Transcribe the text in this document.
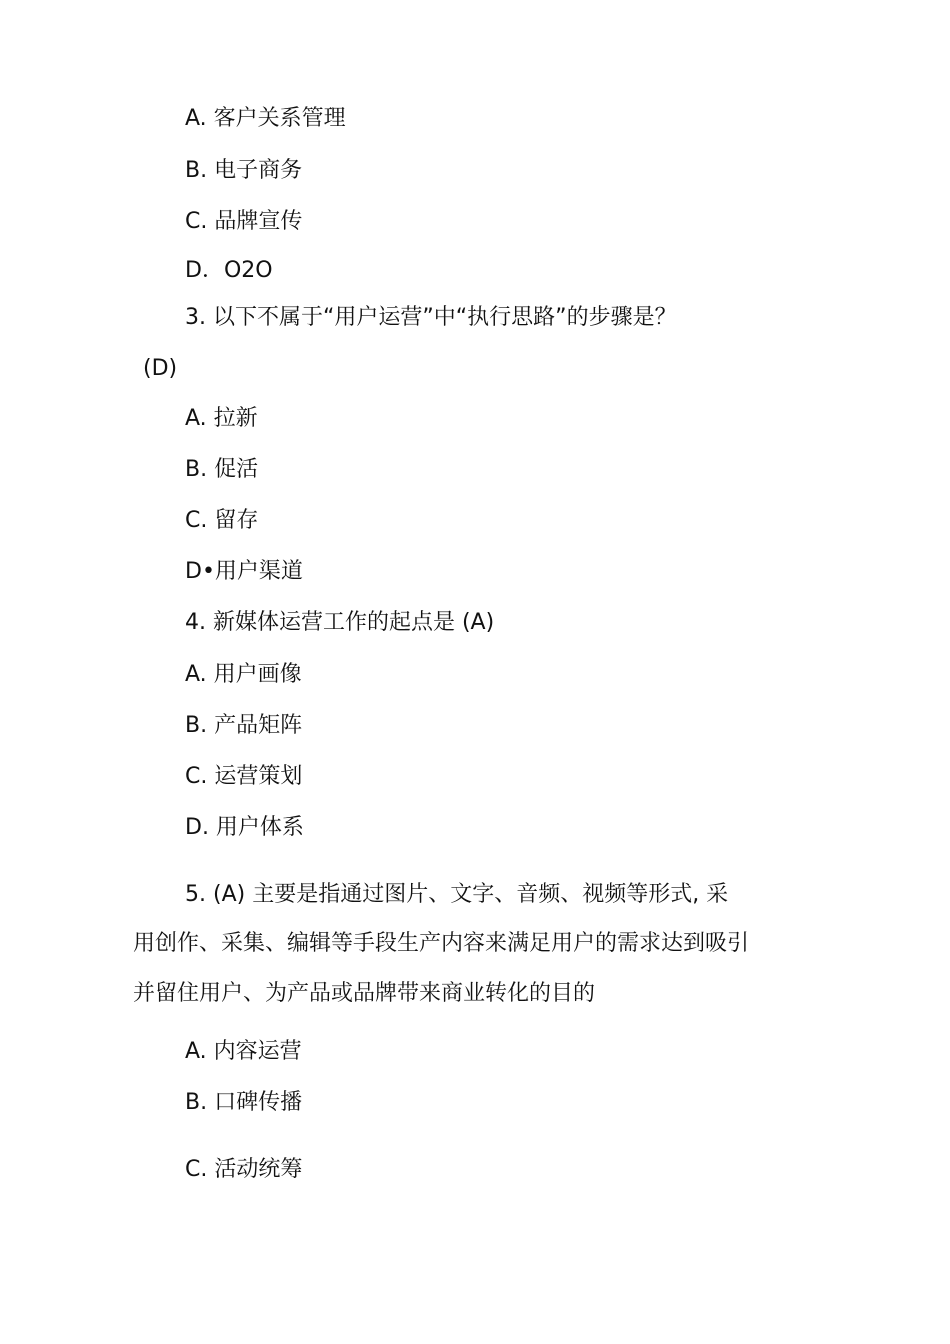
A. 客户关系管理

B. 电子商务

C. 品牌宣传

D．O2O

3. 以下不属于“用户运营”中“执行思路”的步骤是？

(D)

A. 拉新

B. 促活

C. 留存

D•用户渠道

4. 新媒体运营工作的起点是 (A)

A. 用户画像

B. 产品矩阵

C. 运营策划

D. 用户体系

5. (A) 主要是指通过图片、文字、音频、视频等形式, 采

用创作、采集、编辑等手段生产内容来满足用户的需求达到吸引

并留住用户、为产品或品牌带来商业转化的目的

A. 内容运营

B. 口碑传播

C. 活动统筹
